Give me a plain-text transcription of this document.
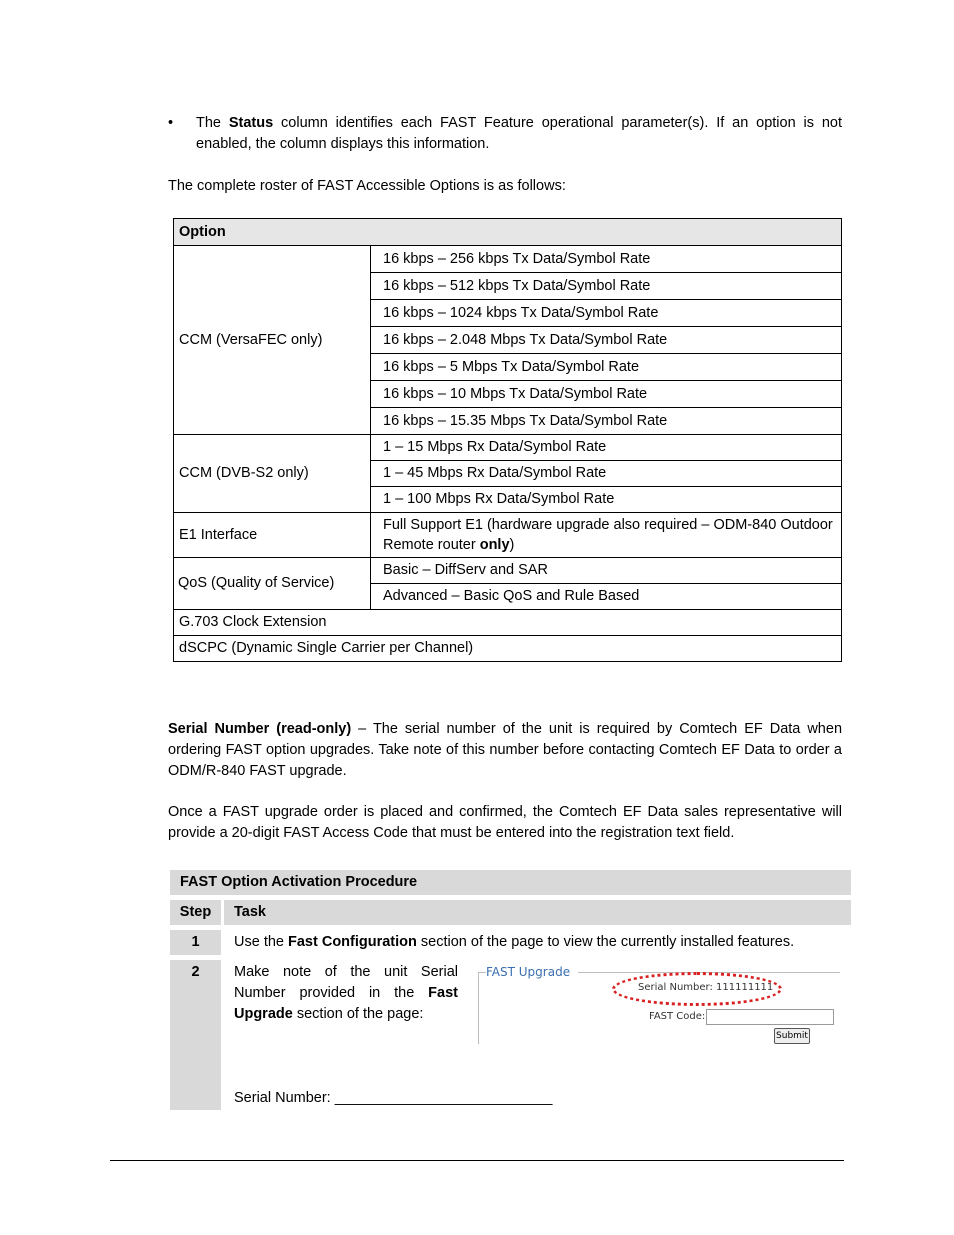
•	The Status column identifies each FAST Feature operational parameter(s). If an option is not enabled, the column displays this information.
The complete roster of FAST Accessible Options is as follows:
Option	
CCM (VersaFEC only)	16 kbps – 256 kbps Tx Data/Symbol Rate
	16 kbps – 512 kbps Tx Data/Symbol Rate
	16 kbps – 1024 kbps Tx Data/Symbol Rate
	16 kbps – 2.048 Mbps Tx Data/Symbol Rate
	16 kbps – 5 Mbps Tx Data/Symbol Rate
	16 kbps – 10 Mbps Tx Data/Symbol Rate
	16 kbps – 15.35 Mbps Tx Data/Symbol Rate
CCM (DVB-S2 only)	1 – 15 Mbps Rx Data/Symbol Rate
	1 – 45 Mbps Rx Data/Symbol Rate
	1 – 100 Mbps Rx Data/Symbol Rate
E1 Interface	Full Support E1 (hardware upgrade also required – ODM-840 Outdoor Remote router only)
QoS (Quality of Service)	Basic – DiffServ and SAR
	Advanced – Basic QoS and Rule Based
G.703 Clock Extension	
dSCPC (Dynamic Single Carrier per Channel)	
Serial Number (read-only) – The serial number of the unit is required by Comtech EF Data when ordering FAST option upgrades. Take note of this number before contacting Comtech EF Data to order a ODM/R-840 FAST upgrade.
Once a FAST upgrade order is placed and confirmed, the Comtech EF Data sales representative will provide a 20-digit FAST Access Code that must be entered into the registration text field.
FAST Option Activation Procedure
Step	Task
1	Use the Fast Configuration section of the page to view the currently installed features.
2	Make note of the unit Serial Number provided in the Fast Upgrade section of the page:
Serial Number: ___________________________
FAST Upgrade
Serial Number: 111111111
FAST Code:
Submit
